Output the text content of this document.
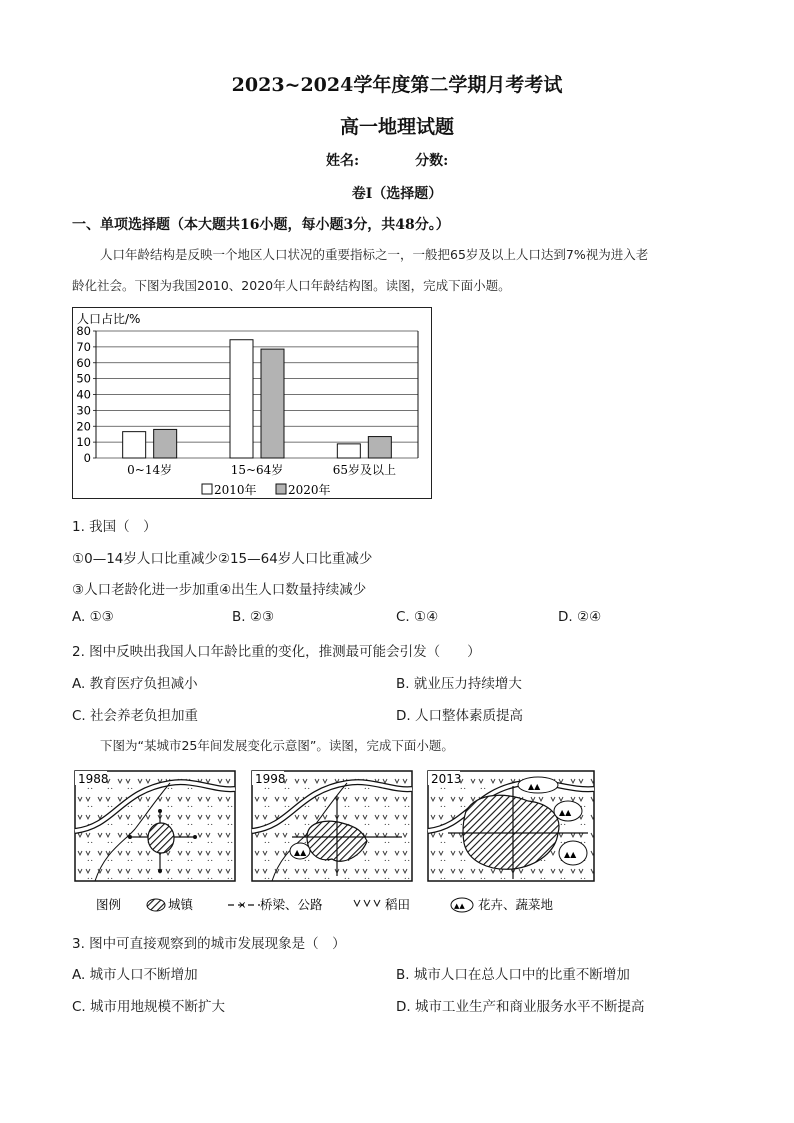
2023~2024学年度第二学期月考考试
高一地理试题
姓名:	分数:
卷Ⅰ（选择题）
一、单项选择题（本大题共16小题，每小题3分，共48分。）
人口年龄结构是反映一个地区人口状况的重要指标之一，一般把65岁及以上人口达到7%视为进入老
龄化社会。下图为我国2010、2020年人口年龄结构图。读图，完成下面小题。
人口占比/%
0
10
20
30
40
50
60
70
80
0~14岁	15~64岁	65岁及以上
2010年	2020年
1. 我国（　）
①0—14岁人口比重减少②15—64岁人口比重减少
③人口老龄化进一步加重④出生人口数量持续减少
A. ①③	B. ②③	C. ①④	D. ②④
2. 图中反映出我国人口年龄比重的变化，推测最可能会引发（　　）
A. 教育医疗负担减小	B. 就业压力持续增大
C. 社会养老负担加重	D. 人口整体素质提高
下图为“某城市25年间发展变化示意图”。读图，完成下面小题。
1988
▲▲
1998
▲▲
▲▲
▲▲
2013
图例	城镇	× 桥梁、公路	稻田	▲▲ 花卉、蔬菜地
3. 图中可直接观察到的城市发展现象是（　）
A. 城市人口不断增加	B. 城市人口在总人口中的比重不断增加
C. 城市用地规模不断扩大	D. 城市工业生产和商业服务水平不断提高
